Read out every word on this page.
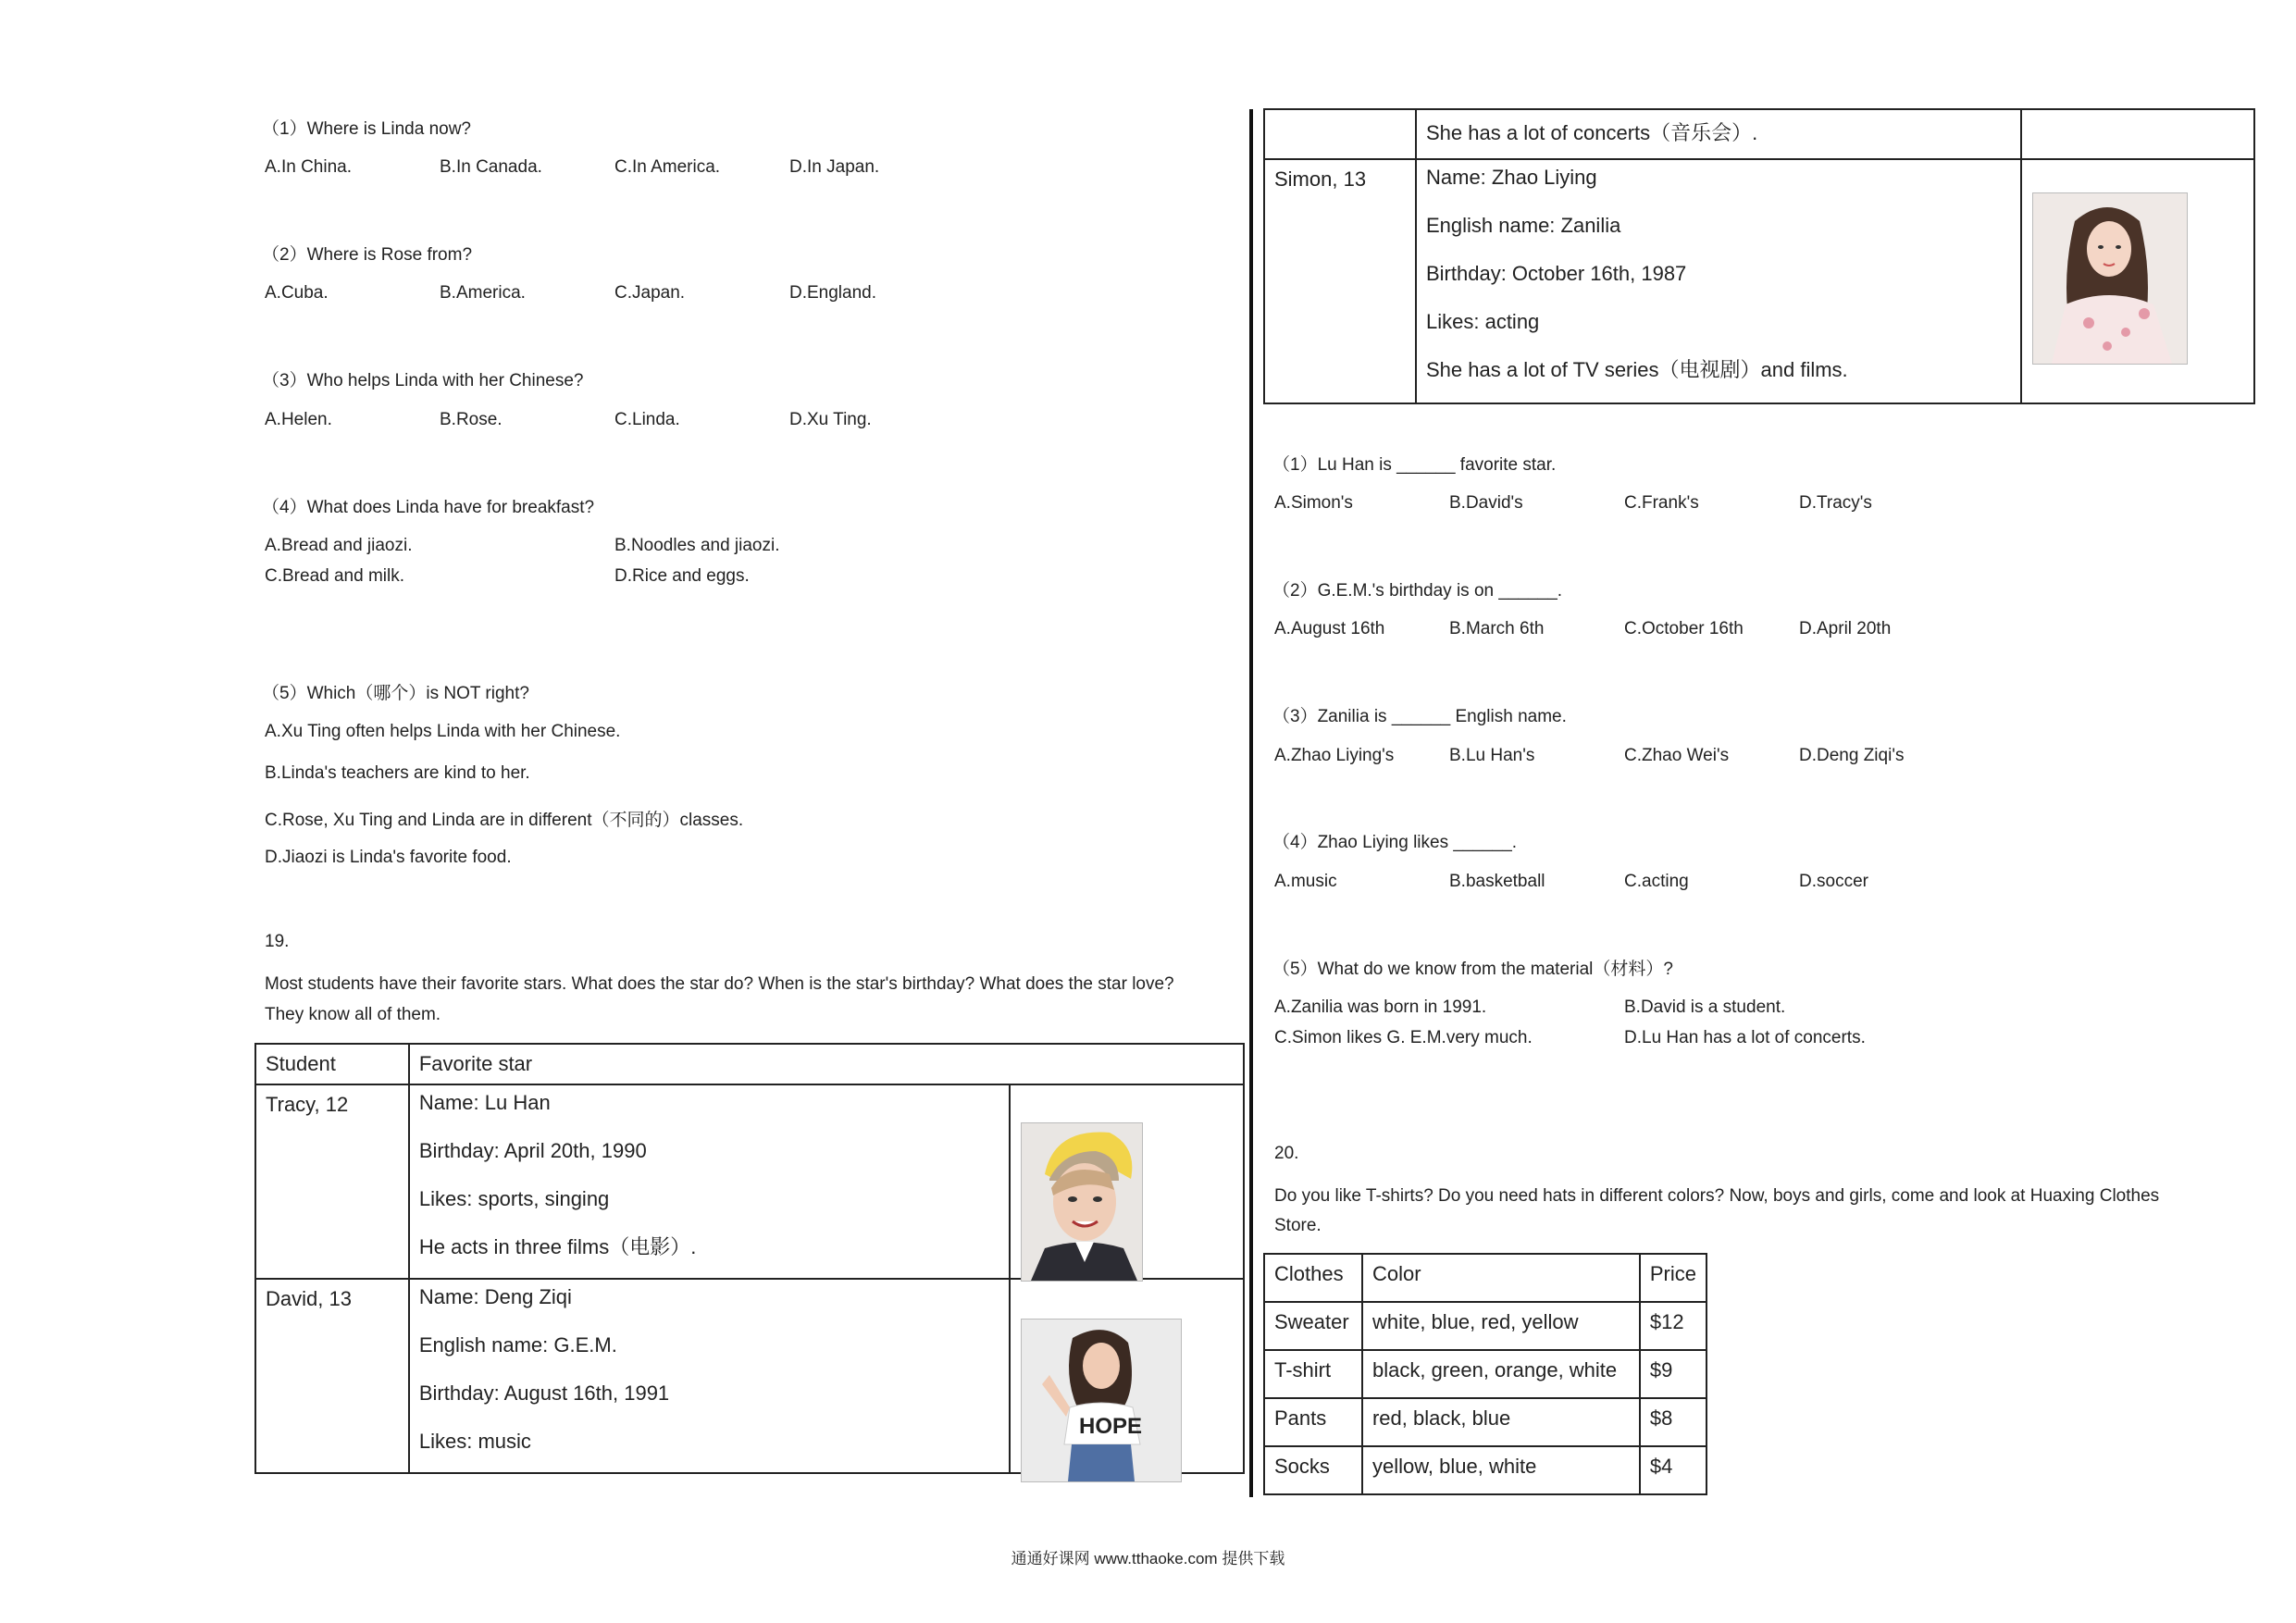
（1）Where is Linda now?
A.In China.	B.In Canada.	C.In America.	D.In Japan.
（2）Where is Rose from?
A.Cuba.	B.America.	C.Japan.	D.England.
（3）Who helps Linda with her Chinese?
A.Helen.	B.Rose.	C.Linda.	D.Xu Ting.
（4）What does Linda have for breakfast?
A.Bread and jiaozi.	B.Noodles and jiaozi.
C.Bread and milk.	D.Rice and eggs.
（5）Which（哪个）is NOT right?
A.Xu Ting often helps Linda with her Chinese.
B.Linda's teachers are kind to her.
C.Rose, Xu Ting and Linda are in different（不同的）classes.
D.Jiaozi is Linda's favorite food.
19.
Most students have their favorite stars. What does the star do? When is the star's birthday? What does the star love?
They know all of them.
Student	Favorite star	
Tracy, 12	Name: Lu Han
Birthday: April 20th, 1990
Likes: sports, singing
He acts in three films（电影）.	

David, 13	Name: Deng Ziqi
English name: G.E.M.
Birthday: August 16th, 1991
Likes: music	

HOPE
	She has a lot of concerts（音乐会）.	
Simon, 13	Name: Zhao Liying
English name: Zanilia
Birthday: October 16th, 1987
Likes: acting
She has a lot of TV series（电视剧）and films.	

（1）Lu Han is ______ favorite star.
A.Simon's	B.David's	C.Frank's	D.Tracy's
（2）G.E.M.'s birthday is on ______.
A.August 16th	B.March 6th	C.October 16th	D.April 20th
（3）Zanilia is ______ English name.
A.Zhao Liying's	B.Lu Han's	C.Zhao Wei's	D.Deng Ziqi's
（4）Zhao Liying likes ______.
A.music	B.basketball	C.acting	D.soccer
（5）What do we know from the material（材料）?
A.Zanilia was born in 1991.	B.David is a student.
C.Simon likes G. E.M.very much.	D.Lu Han has a lot of concerts.
20.
Do you like T-shirts? Do you need hats in different colors? Now, boys and girls, come and look at Huaxing Clothes
Store.
Clothes	Color	Price
Sweater	white, blue, red, yellow	$12
T-shirt	black, green, orange, white	$9
Pants	red, black, blue	$8
Socks	yellow, blue, white	$4
通通好课网 www.tthaoke.com 提供下载
